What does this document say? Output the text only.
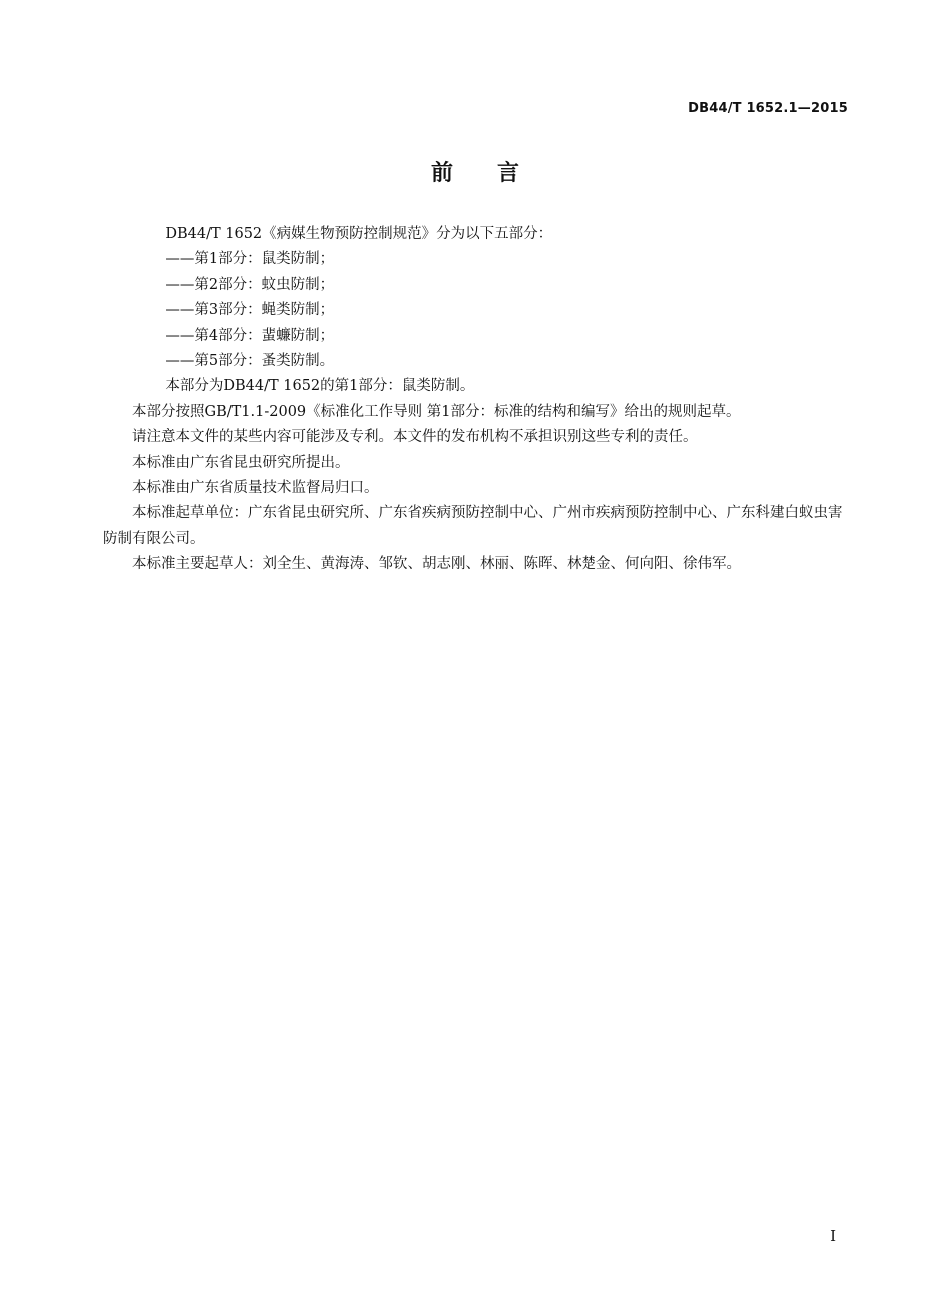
DB44/T 1652.1—2015
前言

DB44/T 1652《病媒生物预防控制规范》分为以下五部分：

——第1部分：鼠类防制；

——第2部分：蚊虫防制；

——第3部分：蝇类防制；

——第4部分：蜚蠊防制；

——第5部分：蚤类防制。

本部分为DB44/T 1652的第1部分：鼠类防制。

本部分按照GB/T1.1-2009《标准化工作导则 第1部分：标准的结构和编写》给出的规则起草。

请注意本文件的某些内容可能涉及专利。本文件的发布机构不承担识别这些专利的责任。

本标准由广东省昆虫研究所提出。

本标准由广东省质量技术监督局归口。

本标准起草单位：广东省昆虫研究所、广东省疾病预防控制中心、广州市疾病预防控制中心、广东科建白蚁虫害防制有限公司。

本标准主要起草人：刘全生、黄海涛、邹钦、胡志刚、林丽、陈晖、林楚金、何向阳、徐伟军。

I
